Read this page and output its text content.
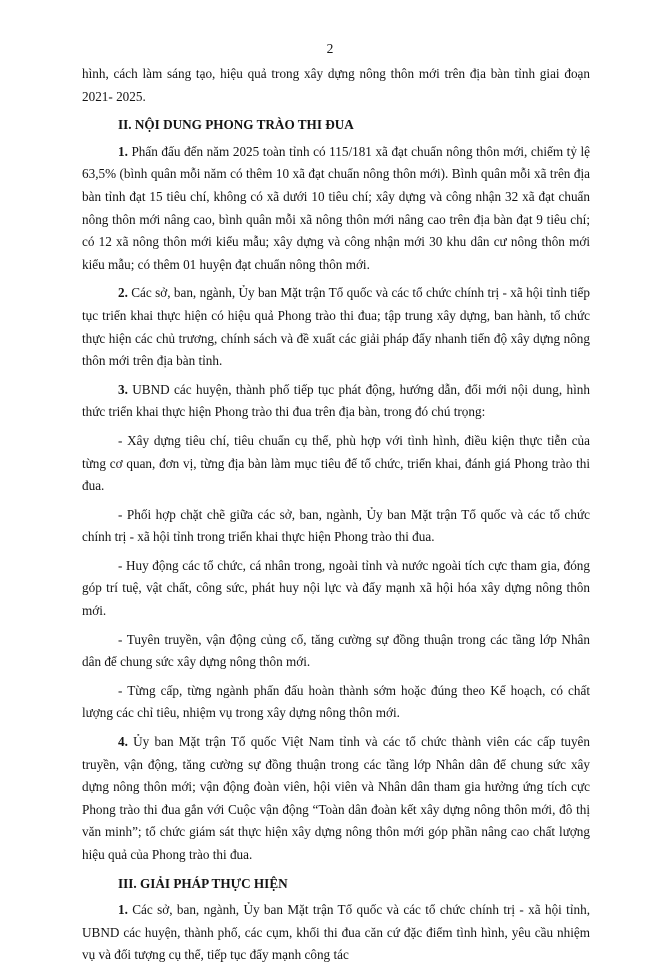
2

hình, cách làm sáng tạo, hiệu quả trong xây dựng nông thôn mới trên địa bàn tỉnh giai đoạn 2021- 2025.

II. NỘI DUNG PHONG TRÀO THI ĐUA

1. Phấn đấu đến năm 2025 toàn tỉnh có 115/181 xã đạt chuẩn nông thôn mới, chiếm tỷ lệ 63,5% (bình quân mỗi năm có thêm 10 xã đạt chuẩn nông thôn mới). Bình quân mỗi xã trên địa bàn tỉnh đạt 15 tiêu chí, không có xã dưới 10 tiêu chí; xây dựng và công nhận 32 xã đạt chuẩn nông thôn mới nâng cao, bình quân mỗi xã nông thôn mới nâng cao trên địa bàn đạt 9 tiêu chí; có 12 xã nông thôn mới kiểu mẫu; xây dựng và công nhận mới 30 khu dân cư nông thôn mới kiểu mẫu; có thêm 01 huyện đạt chuẩn nông thôn mới.

2. Các sở, ban, ngành, Ủy ban Mặt trận Tổ quốc và các tổ chức chính trị - xã hội tỉnh tiếp tục triển khai thực hiện có hiệu quả Phong trào thi đua; tập trung xây dựng, ban hành, tổ chức thực hiện các chủ trương, chính sách và đề xuất các giải pháp đẩy nhanh tiến độ xây dựng nông thôn mới trên địa bàn tỉnh.

3. UBND các huyện, thành phố tiếp tục phát động, hướng dẫn, đổi mới nội dung, hình thức triển khai thực hiện Phong trào thi đua trên địa bàn, trong đó chú trọng:

- Xây dựng tiêu chí, tiêu chuẩn cụ thể, phù hợp với tình hình, điều kiện thực tiễn của từng cơ quan, đơn vị, từng địa bàn làm mục tiêu để tổ chức, triển khai, đánh giá Phong trào thi đua.

- Phối hợp chặt chẽ giữa các sở, ban, ngành, Ủy ban Mặt trận Tổ quốc và các tổ chức chính trị - xã hội tỉnh trong triển khai thực hiện Phong trào thi đua.

- Huy động các tổ chức, cá nhân trong, ngoài tỉnh và nước ngoài tích cực tham gia, đóng góp trí tuệ, vật chất, công sức, phát huy nội lực và đẩy mạnh xã hội hóa xây dựng nông thôn mới.

- Tuyên truyền, vận động củng cố, tăng cường sự đồng thuận trong các tầng lớp Nhân dân để chung sức xây dựng nông thôn mới.

- Từng cấp, từng ngành phấn đấu hoàn thành sớm hoặc đúng theo Kế hoạch, có chất lượng các chỉ tiêu, nhiệm vụ trong xây dựng nông thôn mới.

4. Ủy ban Mặt trận Tổ quốc Việt Nam tỉnh và các tổ chức thành viên các cấp tuyên truyền, vận động, tăng cường sự đồng thuận trong các tầng lớp Nhân dân để chung sức xây dựng nông thôn mới; vận động đoàn viên, hội viên và Nhân dân tham gia hưởng ứng tích cực Phong trào thi đua gắn với Cuộc vận động “Toàn dân đoàn kết xây dựng nông thôn mới, đô thị văn minh”; tổ chức giám sát thực hiện xây dựng nông thôn mới góp phần nâng cao chất lượng hiệu quả của Phong trào thi đua.

III. GIẢI PHÁP THỰC HIỆN

1. Các sở, ban, ngành, Ủy ban Mặt trận Tổ quốc và các tổ chức chính trị - xã hội tỉnh, UBND các huyện, thành phố, các cụm, khối thi đua căn cứ đặc điểm tình hình, yêu cầu nhiệm vụ và đối tượng cụ thể, tiếp tục đẩy mạnh công tác
